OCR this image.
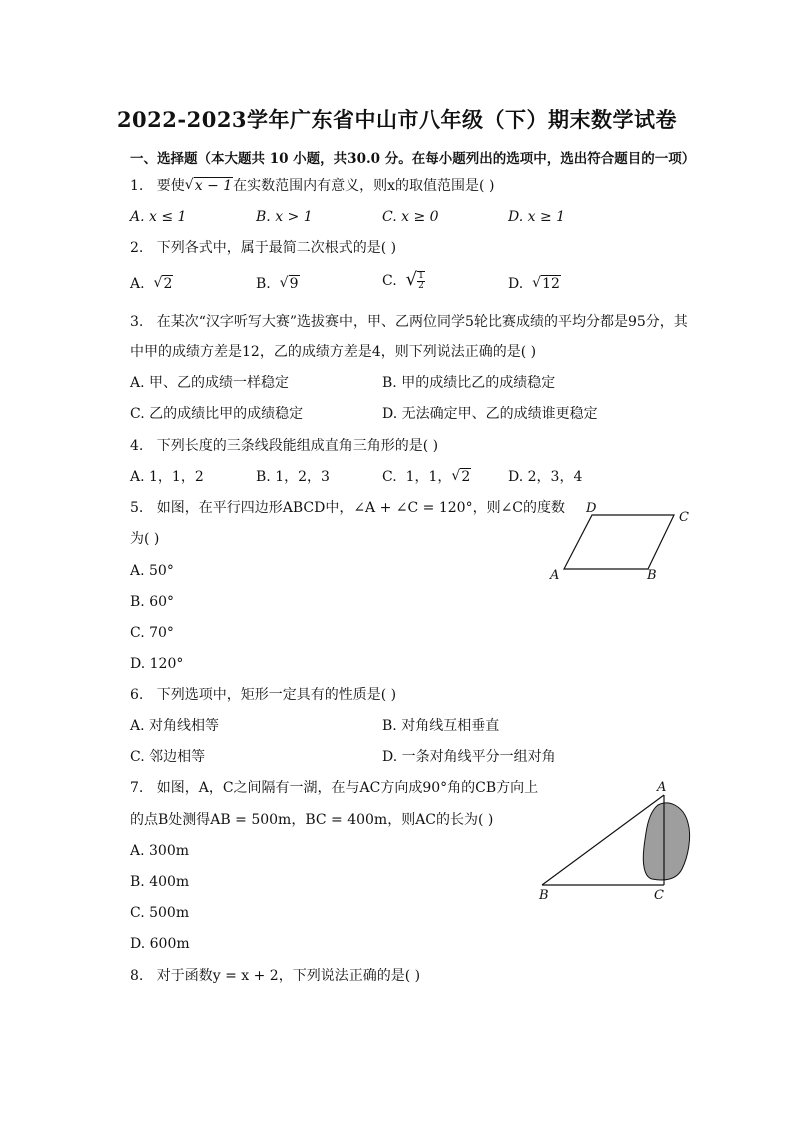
2022-2023学年广东省中山市八年级（下）期末数学试卷
一、选择题（本大题共 10 小题，共30.0 分。在每小题列出的选项中，选出符合题目的一项）
1. 要使 √ x − 1在实数范围内有意义，则x的取值范围是( )
A. x ≤ 1	B. x > 1	C. x ≥ 0	D. x ≥ 1
2. 下列各式中，属于最简二次根式的是( )
A. √ 2	B. √ 9	C. √ $\frac{1}{2}$	D. √ 12
3. 在某次“汉字听写大赛”选拔赛中，甲、乙两位同学5轮比赛成绩的平均分都是95分，其
中甲的成绩方差是12，乙的成绩方差是4，则下列说法正确的是( )
A. 甲、乙的成绩一样稳定	B. 甲的成绩比乙的成绩稳定
C. 乙的成绩比甲的成绩稳定	D. 无法确定甲、乙的成绩谁更稳定
4. 下列长度的三条线段能组成直角三角形的是( )
A. 1，1，2	B. 1，2，3	C. 1，1， √ 2	D. 2，3，4
5. 如图，在平行四边形ABCD中，∠A + ∠C = 120°，则∠C的度数
为( )
A. 50°
B. 60°
C. 70°
D. 120°
A	B
C
D
6. 下列选项中，矩形一定具有的性质是( )
A. 对角线相等	B. 对角线互相垂直
C. 邻边相等	D. 一条对角线平分一组对角
7. 如图，A，C之间隔有一湖，在与AC方向成90°角的CB方向上
的点B处测得AB = 500m，BC = 400m，则AC的长为( )
A. 300m
B. 400m
C. 500m
D. 600m
A
B	C
8. 对于函数y = x + 2，下列说法正确的是( )
